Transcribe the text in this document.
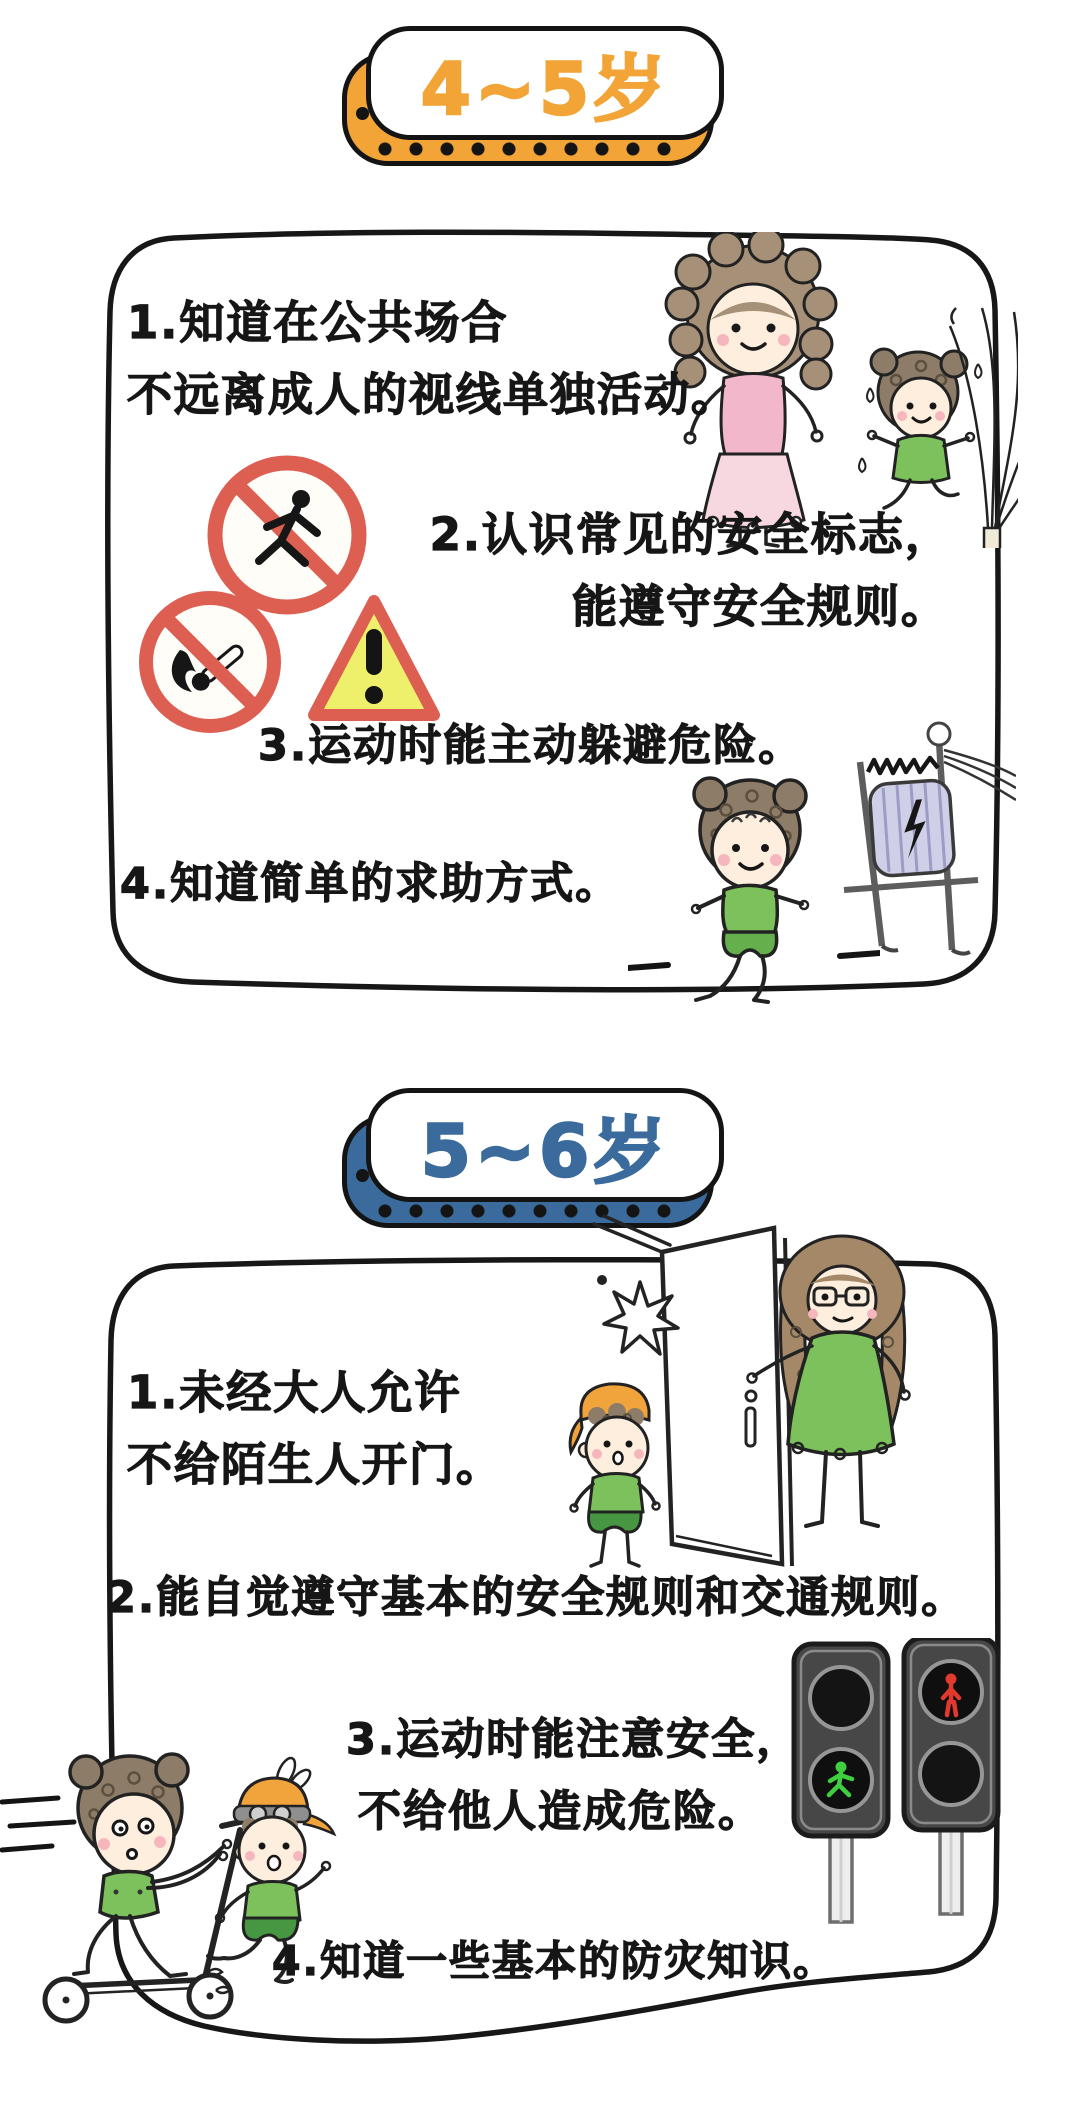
4~5岁
1.知道在公共场合
不远离成人的视线单独活动。
2.认识常见的安全标志，
能遵守安全规则。
3.运动时能主动躲避危险。
4.知道简单的求助方式。
5~6岁
1.未经大人允许
不给陌生人开门。
2.能自觉遵守基本的安全规则和交通规则。
3.运动时能注意安全，
不给他人造成危险。
4.知道一些基本的防灾知识。
